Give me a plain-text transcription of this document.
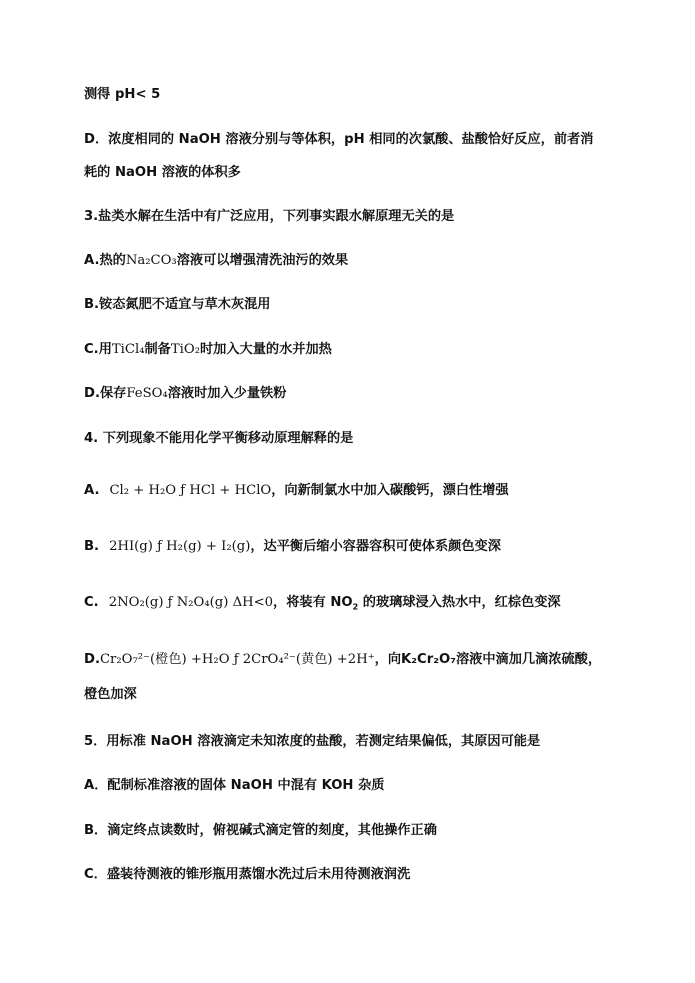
测得 pH< 5
D．浓度相同的 NaOH 溶液分别与等体积，pH 相同的次氯酸、盐酸恰好反应，前者消
耗的 NaOH 溶液的体积多
3.盐类水解在生活中有广泛应用，下列事实跟水解原理无关的是
A.热的Na₂CO₃溶液可以增强清洗油污的效果
B.铵态氮肥不适宜与草木灰混用
C.用TiCl₄制备TiO₂时加入大量的水并加热
D.保存FeSO₄溶液时加入少量铁粉
4. 下列现象不能用化学平衡移动原理解释的是
A. Cl₂ + H₂O ƒ HCl + HClO，向新制氯水中加入碳酸钙，漂白性增强
B. 2HI(g) ƒ H₂(g) + I₂(g)，达平衡后缩小容器容积可使体系颜色变深
C. 2NO₂(g) ƒ N₂O₄(g) ΔH<0，将装有 $NO_2$ 的玻璃球浸入热水中，红棕色变深
D.Cr₂O₇²⁻(橙色) +H₂O ƒ 2CrO₄²⁻(黄色) +2H⁺，向K₂Cr₂O₇溶液中滴加几滴浓硫酸，
橙色加深
5．用标准 NaOH 溶液滴定未知浓度的盐酸，若测定结果偏低，其原因可能是
A．配制标准溶液的固体 NaOH 中混有 KOH 杂质
B．滴定终点读数时，俯视碱式滴定管的刻度，其他操作正确
C．盛装待测液的锥形瓶用蒸馏水洗过后未用待测液润洗
